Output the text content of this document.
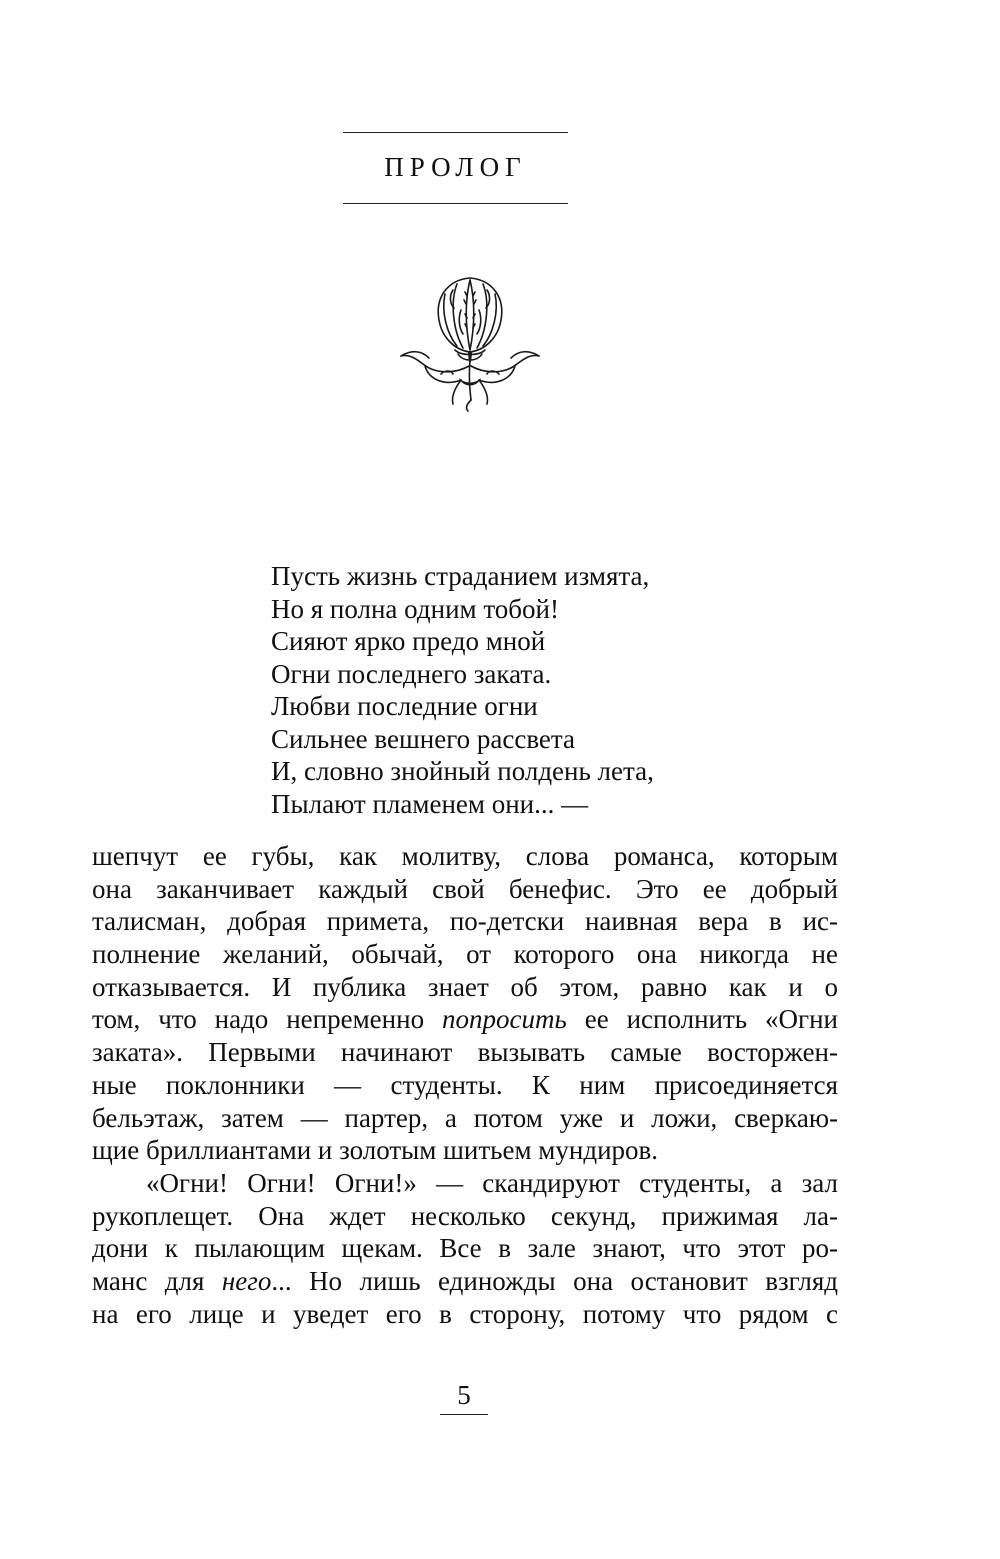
ПРОЛОГ
Пусть жизнь страданием измята,
Но я полна одним тобой!
Сияют ярко предо мной
Огни последнего заката.
Любви последние огни
Сильнее вешнего рассвета
И, словно знойный полдень лета,
Пылают пламенем они... —
шепчут ее губы, как молитву, слова романса, которым
она заканчивает каждый свой бенефис. Это ее добрый
талисман, добрая примета, по-детски наивная вера в ис-
полнение желаний, обычай, от которого она никогда не
отказывается. И публика знает об этом, равно как и о
том, что надо непременно попросить ее исполнить «Огни
заката». Первыми начинают вызывать самые восторжен-
ные поклонники — студенты. К ним присоединяется
бельэтаж, затем — партер, а потом уже и ложи, сверкаю-
щие бриллиантами и золотым шитьем мундиров.
«Огни! Огни! Огни!» — скандируют студенты, а зал
рукоплещет. Она ждет несколько секунд, прижимая ла-
дони к пылающим щекам. Все в зале знают, что этот ро-
манс для него... Но лишь единожды она остановит взгляд
на его лице и уведет его в сторону, потому что рядом с
5
